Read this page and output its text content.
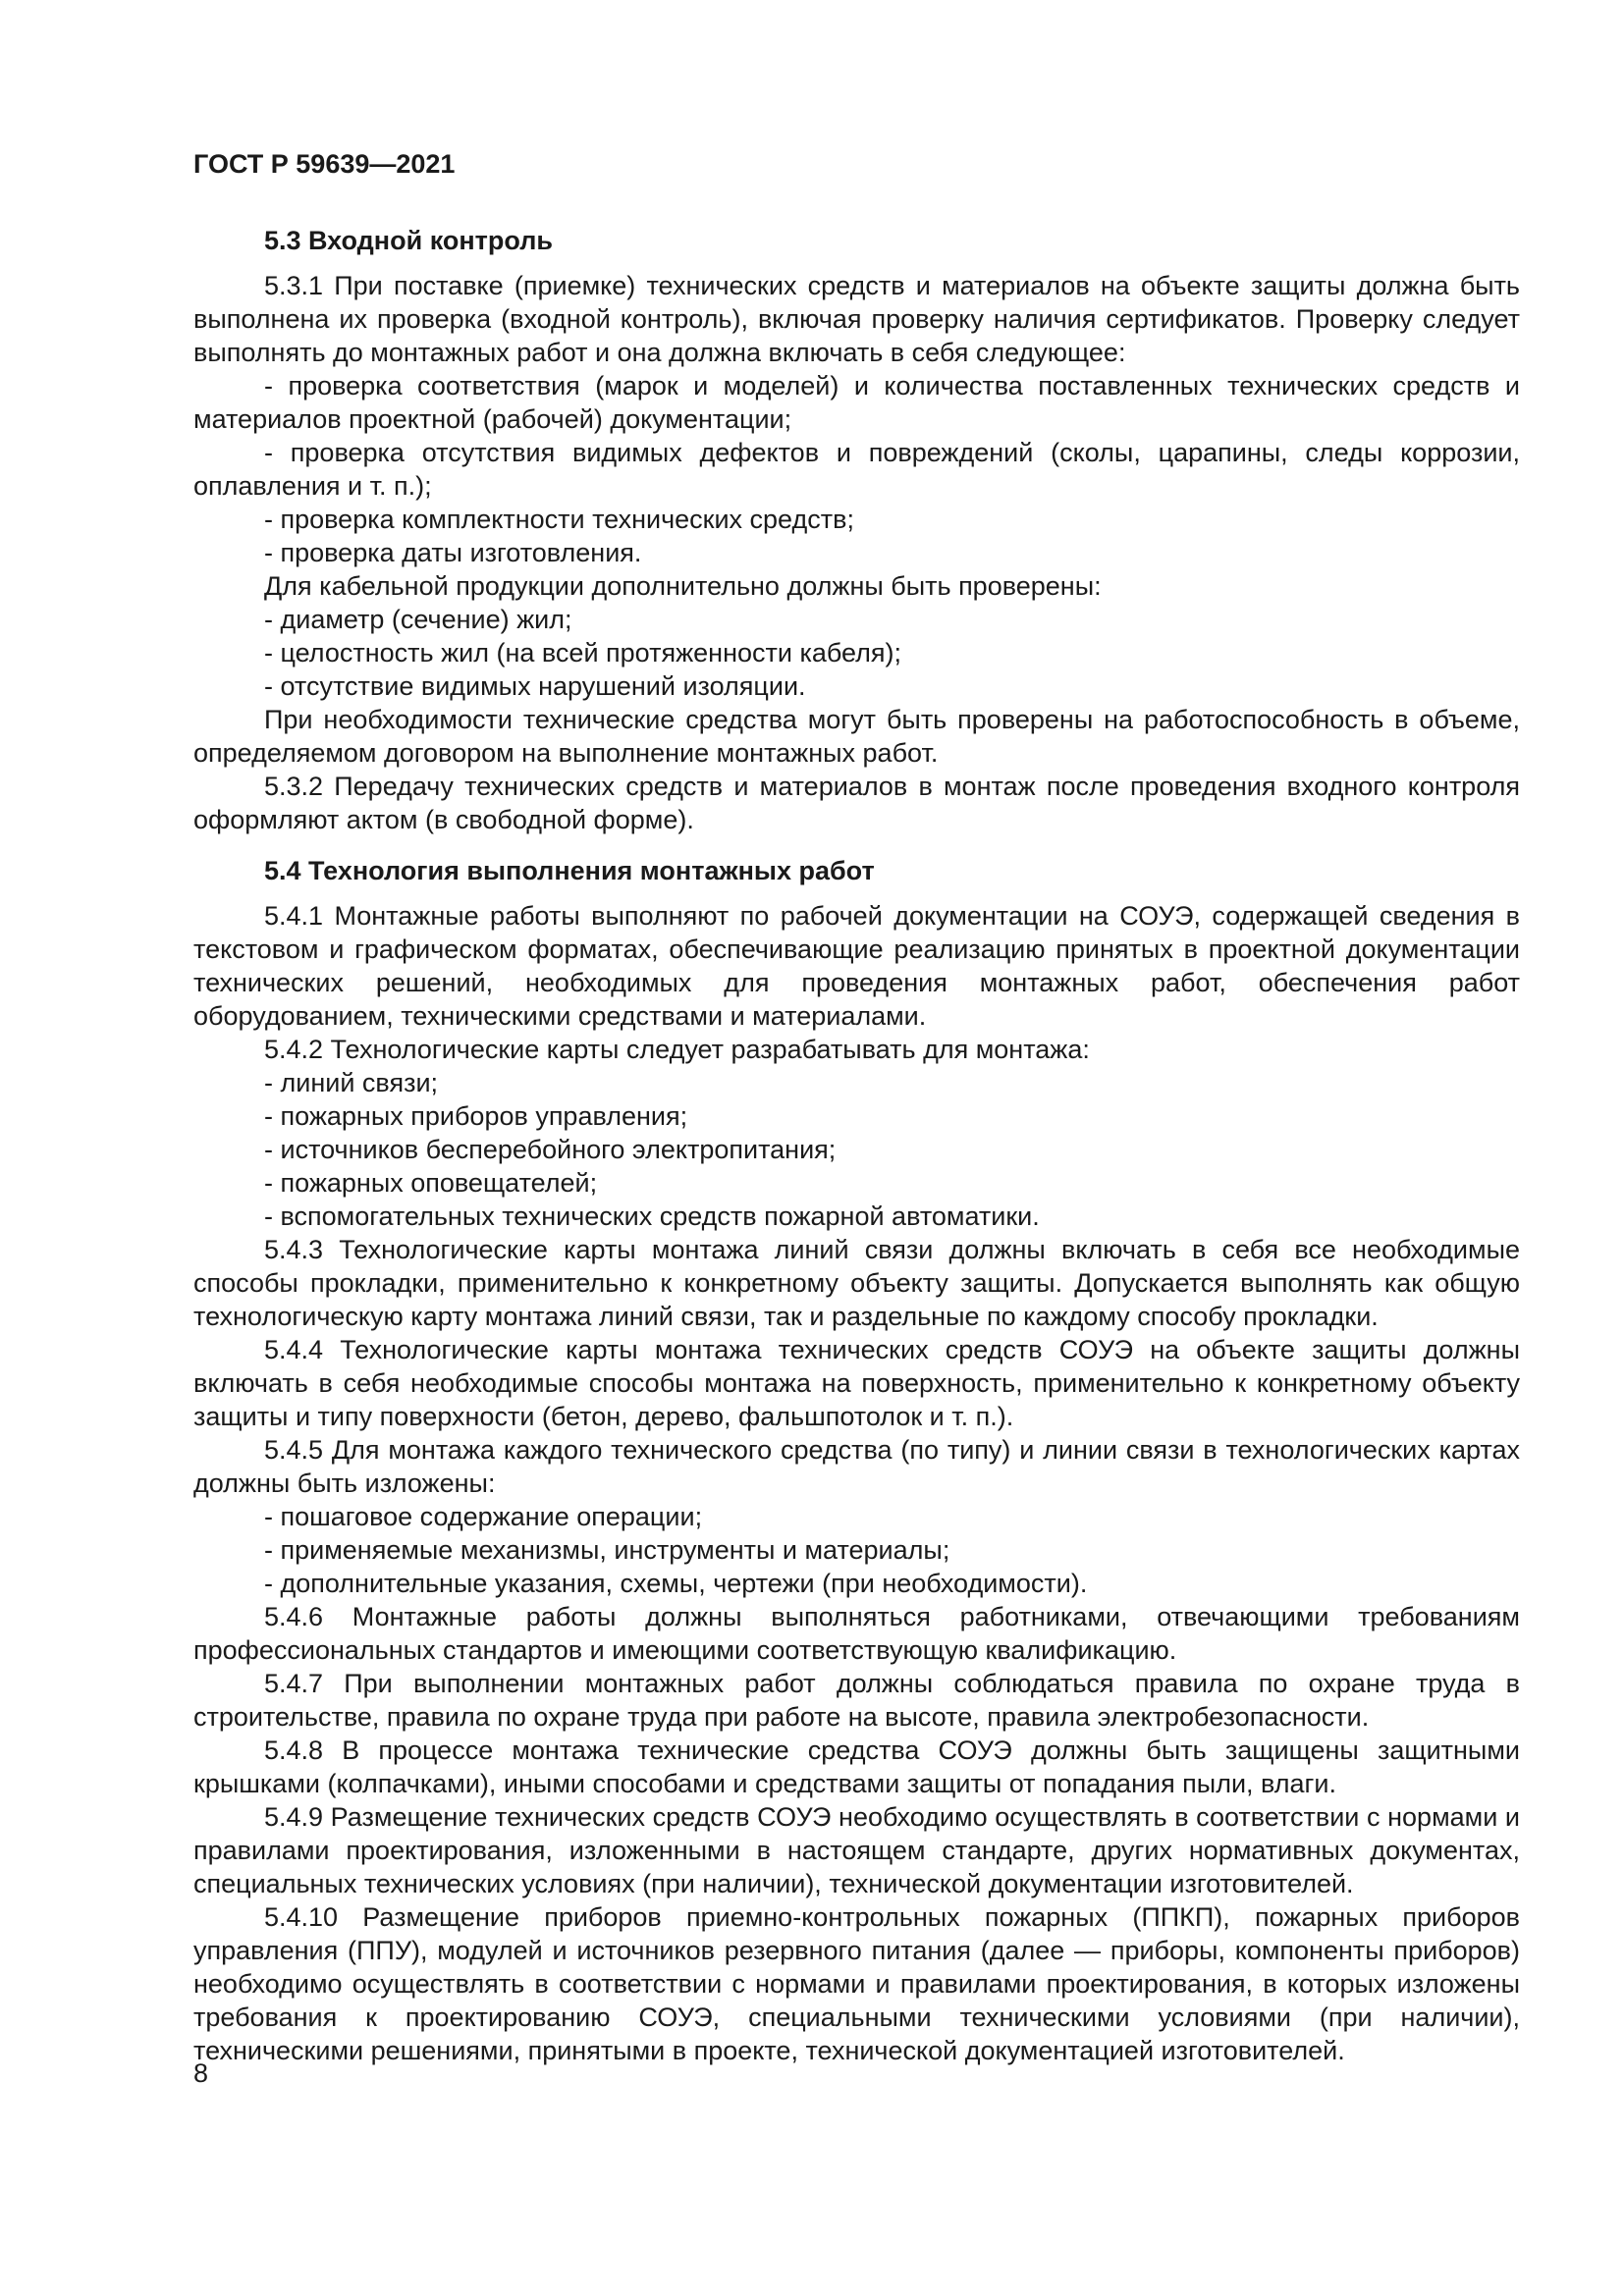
ГОСТ Р 59639—2021
5.3 Входной контроль

5.3.1 При поставке (приемке) технических средств и материалов на объекте защиты должна быть выполнена их проверка (входной контроль), включая проверку наличия сертификатов. Проверку следует выполнять до монтажных работ и она должна включать в себя следующее:

- проверка соответствия (марок и моделей) и количества поставленных технических средств и материалов проектной (рабочей) документации;

- проверка отсутствия видимых дефектов и повреждений (сколы, царапины, следы коррозии, оплавления и т. п.);

- проверка комплектности технических средств;
- проверка даты изготовления.
Для кабельной продукции дополнительно должны быть проверены:
- диаметр (сечение) жил;
- целостность жил (на всей протяженности кабеля);
- отсутствие видимых нарушений изоляции.

При необходимости технические средства могут быть проверены на работоспособность в объеме, определяемом договором на выполнение монтажных работ.

5.3.2 Передачу технических средств и материалов в монтаж после проведения входного контроля оформляют актом (в свободной форме).

5.4 Технология выполнения монтажных работ

5.4.1 Монтажные работы выполняют по рабочей документации на СОУЭ, содержащей сведения в текстовом и графическом форматах, обеспечивающие реализацию принятых в проектной документации технических решений, необходимых для проведения монтажных работ, обеспечения работ оборудованием, техническими средствами и материалами.

5.4.2 Технологические карты следует разрабатывать для монтажа:

- линий связи;
- пожарных приборов управления;
- источников бесперебойного электропитания;
- пожарных оповещателей;
- вспомогательных технических средств пожарной автоматики.

5.4.3 Технологические карты монтажа линий связи должны включать в себя все необходимые способы прокладки, применительно к конкретному объекту защиты. Допускается выполнять как общую технологическую карту монтажа линий связи, так и раздельные по каждому способу прокладки.

5.4.4 Технологические карты монтажа технических средств СОУЭ на объекте защиты должны включать в себя необходимые способы монтажа на поверхность, применительно к конкретному объекту защиты и типу поверхности (бетон, дерево, фальшпотолок и т. п.).

5.4.5 Для монтажа каждого технического средства (по типу) и линии связи в технологических картах должны быть изложены:

- пошаговое содержание операции;
- применяемые механизмы, инструменты и материалы;
- дополнительные указания, схемы, чертежи (при необходимости).

5.4.6 Монтажные работы должны выполняться работниками, отвечающими требованиям профессиональных стандартов и имеющими соответствующую квалификацию.

5.4.7 При выполнении монтажных работ должны соблюдаться правила по охране труда в строительстве, правила по охране труда при работе на высоте, правила электробезопасности.

5.4.8 В процессе монтажа технические средства СОУЭ должны быть защищены защитными крышками (колпачками), иными способами и средствами защиты от попадания пыли, влаги.

5.4.9 Размещение технических средств СОУЭ необходимо осуществлять в соответствии с нормами и правилами проектирования, изложенными в настоящем стандарте, других нормативных документах, специальных технических условиях (при наличии), технической документации изготовителей.

5.4.10 Размещение приборов приемно-контрольных пожарных (ППКП), пожарных приборов управления (ППУ), модулей и источников резервного питания (далее — приборы, компоненты приборов) необходимо осуществлять в соответствии с нормами и правилами проектирования, в которых изложены требования к проектированию СОУЭ, специальными техническими условиями (при наличии), техническими решениями, принятыми в проекте, технической документацией изготовителей.

8
